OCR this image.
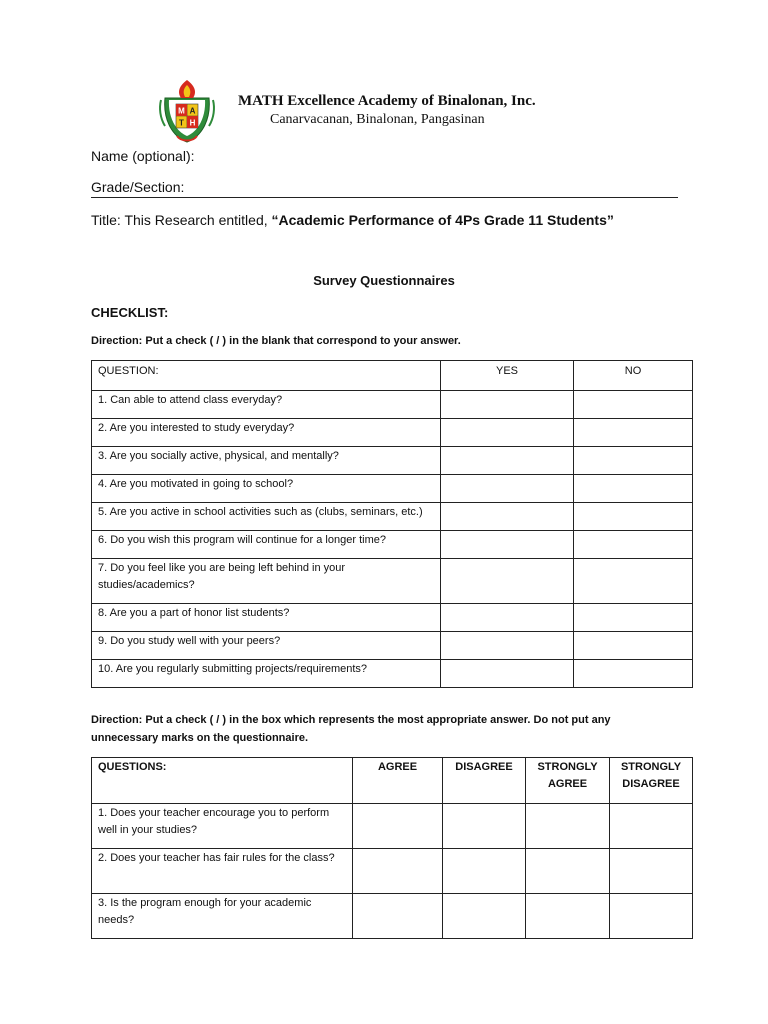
M A
T H
MATH Excellence Academy of Binalonan, Inc.
Canarvacanan, Binalonan, Pangasinan
Name (optional):
Grade/Section:
Title: This Research entitled, “Academic Performance of 4Ps Grade 11 Students”
Survey Questionnaires
CHECKLIST:
Direction: Put a check ( / ) in the blank that correspond to your answer.
QUESTION:	YES	NO
1. Can able to attend class everyday?		
2. Are you interested to study everyday?		
3. Are you socially active, physical, and mentally?		
4. Are you motivated in going to school?		
5. Are you active in school activities such as (clubs, seminars, etc.)		
6. Do you wish this program will continue for a longer time?		
7. Do you feel like you are being left behind in your studies/academics?		
8. Are you a part of honor list students?		
9. Do you study well with your peers?		
10. Are you regularly submitting projects/requirements?		
Direction: Put a check ( / ) in the box which represents the most appropriate answer. Do not put any unnecessary marks on the questionnaire.
QUESTIONS:	AGREE	DISAGREE	STRONGLY AGREE	STRONGLY DISAGREE
1. Does your teacher encourage you to perform well in your studies?				
2. Does your teacher has fair rules for the class?				
3. Is the program enough for your academic needs?				
